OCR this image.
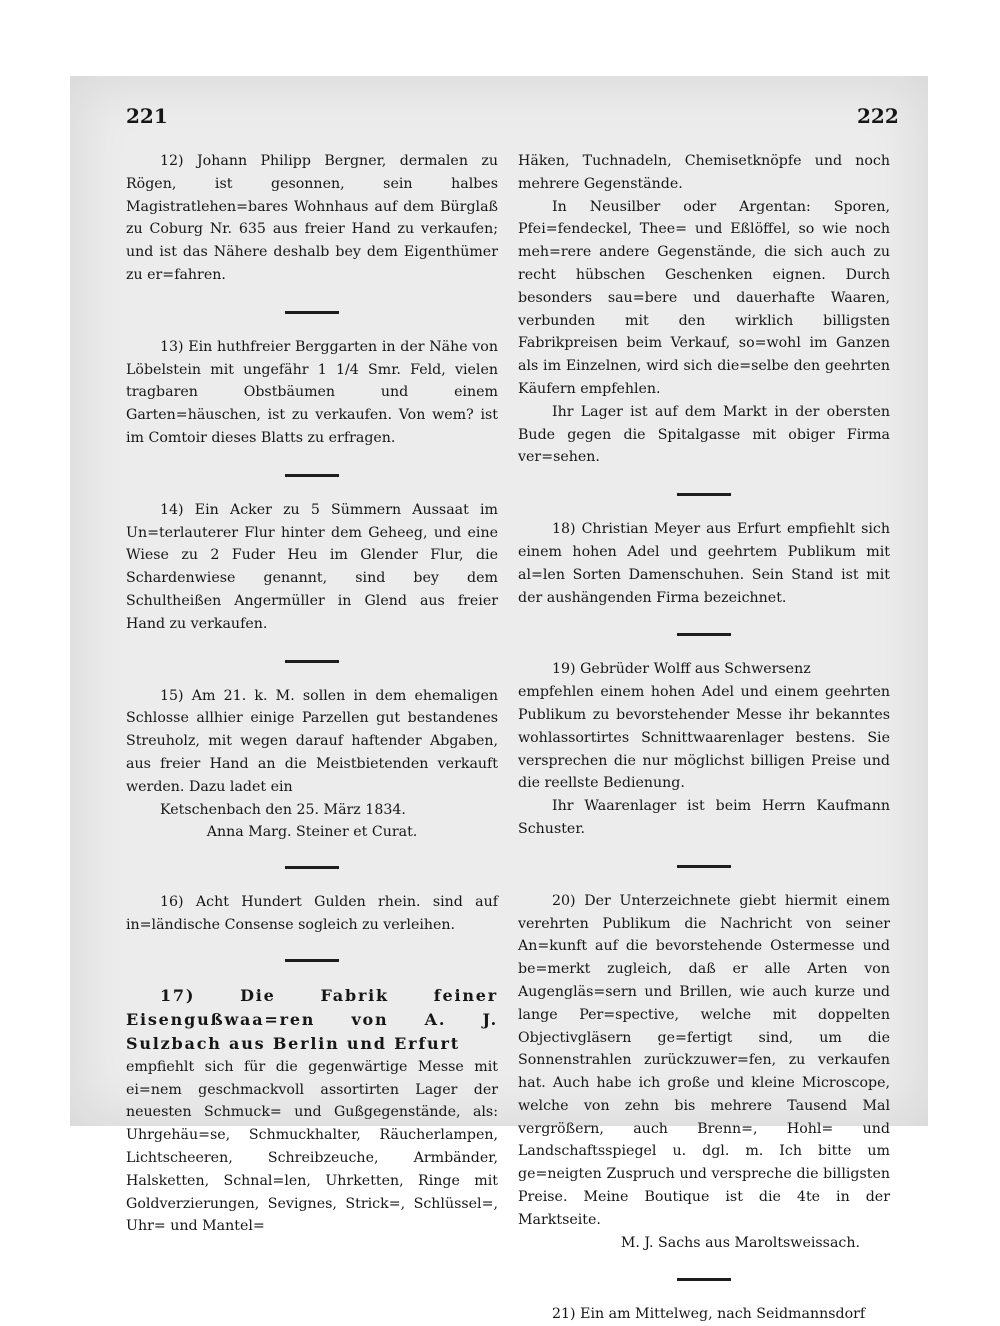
221	222

12) Johann Philipp Bergner, dermalen zu Rögen, ist gesonnen, sein halbes Magistratlehen=bares Wohnhaus auf dem Bürglaß zu Coburg Nr. 635 aus freier Hand zu verkaufen; und ist das Nähere deshalb bey dem Eigenthümer zu er=fahren.

13) Ein huthfreier Berggarten in der Nähe von Löbelstein mit ungefähr 1 1/4 Smr. Feld, vielen tragbaren Obstbäumen und einem Garten=häuschen, ist zu verkaufen. Von wem? ist im Comtoir dieses Blatts zu erfragen.

14) Ein Acker zu 5 Sümmern Aussaat im Un=terlauterer Flur hinter dem Geheeg, und eine Wiese zu 2 Fuder Heu im Glender Flur, die Schardenwiese genannt, sind bey dem Schultheißen Angermüller in Glend aus freier Hand zu verkaufen.

15) Am 21. k. M. sollen in dem ehemaligen Schlosse allhier einige Parzellen gut bestandenes Streuholz, mit wegen darauf haftender Abgaben, aus freier Hand an die Meistbietenden verkauft werden. Dazu ladet ein

Ketschenbach den 25. März 1834.

Anna Marg. Steiner et Curat.

16) Acht Hundert Gulden rhein. sind auf in=ländische Consense sogleich zu verleihen.

17) Die Fabrik feiner Eisengußwaa=ren von A. J. Sulzbach aus Berlin und Erfurt

empfiehlt sich für die gegenwärtige Messe mit ei=nem geschmackvoll assortirten Lager der neuesten Schmuck= und Gußgegenstände, als: Uhrgehäu=se, Schmuckhalter, Räucherlampen, Lichtscheeren, Schreibzeuche, Armbänder, Halsketten, Schnal=len, Uhrketten, Ringe mit Goldverzierungen, Sevignes, Strick=, Schlüssel=, Uhr= und Mantel=

Häken, Tuchnadeln, Chemisetknöpfe und noch mehrere Gegenstände.

In Neusilber oder Argentan: Sporen, Pfei=fendeckel, Thee= und Eßlöffel, so wie noch meh=rere andere Gegenstände, die sich auch zu recht hübschen Geschenken eignen. Durch besonders sau=bere und dauerhafte Waaren, verbunden mit den wirklich billigsten Fabrikpreisen beim Verkauf, so=wohl im Ganzen als im Einzelnen, wird sich die=selbe den geehrten Käufern empfehlen.

Ihr Lager ist auf dem Markt in der obersten Bude gegen die Spitalgasse mit obiger Firma ver=sehen.

18) Christian Meyer aus Erfurt empfiehlt sich einem hohen Adel und geehrtem Publikum mit al=len Sorten Damenschuhen. Sein Stand ist mit der aushängenden Firma bezeichnet.

19) Gebrüder Wolff aus Schwersenz

empfehlen einem hohen Adel und einem geehrten Publikum zu bevorstehender Messe ihr bekanntes wohlassortirtes Schnittwaarenlager bestens. Sie versprechen die nur möglichst billigen Preise und die reellste Bedienung.

Ihr Waarenlager ist beim Herrn Kaufmann Schuster.

20) Der Unterzeichnete giebt hiermit einem verehrten Publikum die Nachricht von seiner An=kunft auf die bevorstehende Ostermesse und be=merkt zugleich, daß er alle Arten von Augengläs=sern und Brillen, wie auch kurze und lange Per=spective, welche mit doppelten Objectivgläsern ge=fertigt sind, um die Sonnenstrahlen zurückzuwer=fen, zu verkaufen hat. Auch habe ich große und kleine Microscope, welche von zehn bis mehrere Tausend Mal vergrößern, auch Brenn=, Hohl= und Landschaftsspiegel u. dgl. m. Ich bitte um ge=neigten Zuspruch und verspreche die billigsten Preise. Meine Boutique ist die 4te in der Marktseite.

M. J. Sachs aus Maroltsweissach.

21) Ein am Mittelweg, nach Seidmannsdorf
